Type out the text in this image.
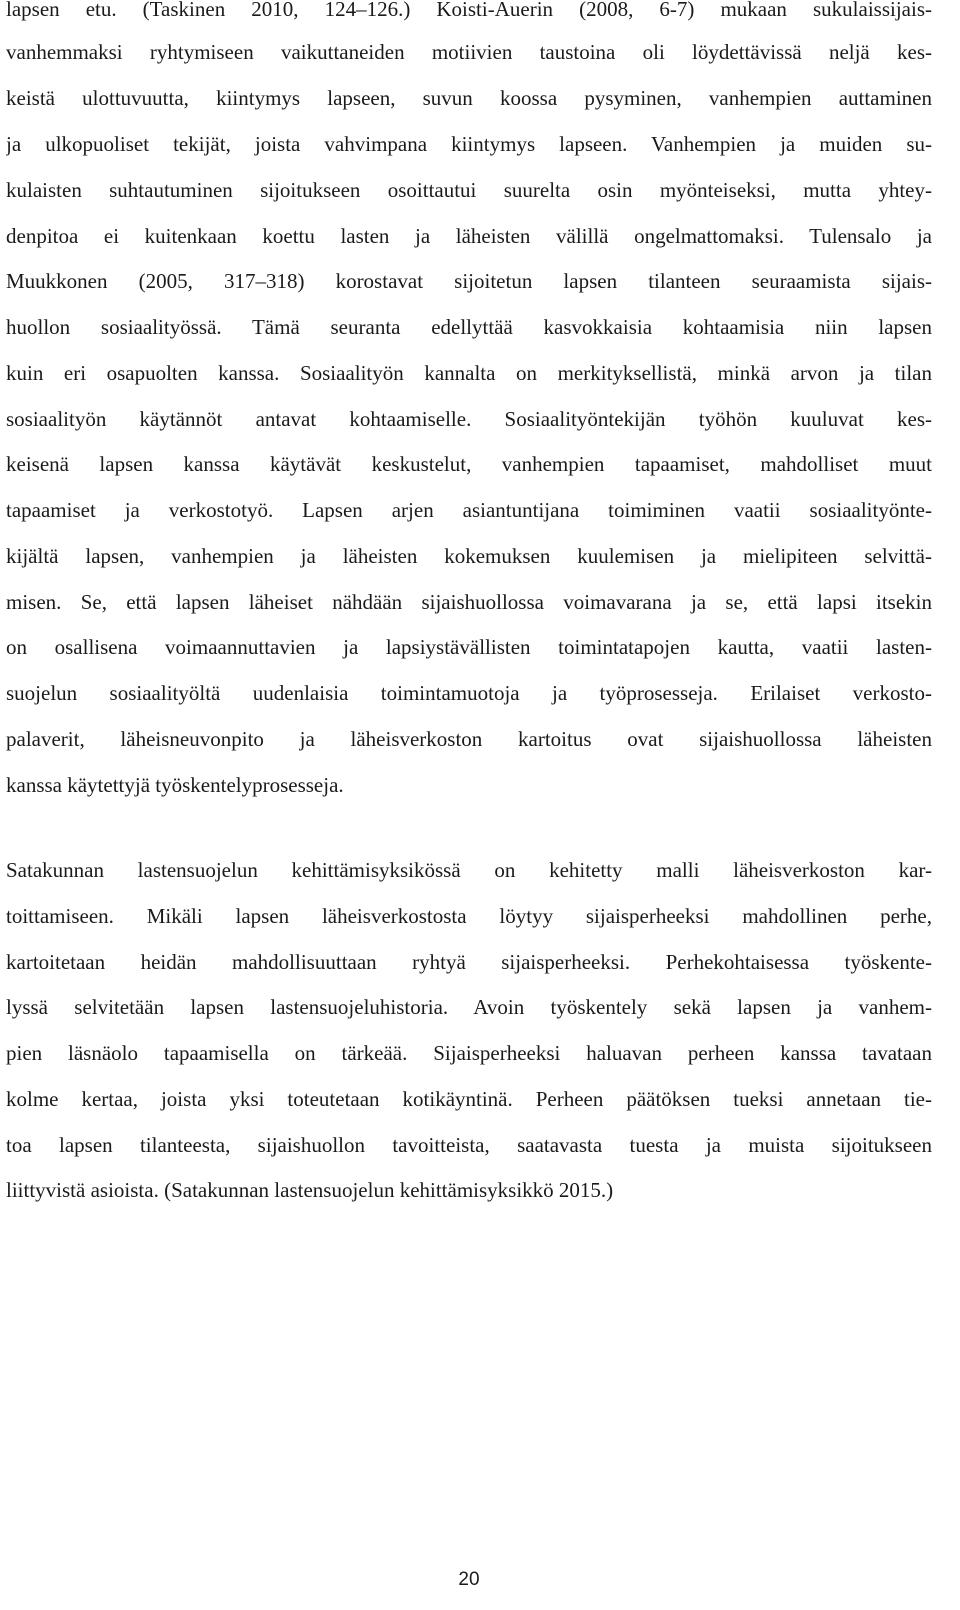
lapsen etu. (Taskinen 2010, 124–126.) Koisti-Auerin (2008, 6-7) mukaan sukulaissijais-
vanhemmaksi ryhtymiseen vaikuttaneiden motiivien taustoina oli löydettävissä neljä kes-
keistä ulottuvuutta, kiintymys lapseen, suvun koossa pysyminen, vanhempien auttaminen
ja ulkopuoliset tekijät, joista vahvimpana kiintymys lapseen. Vanhempien ja muiden su-
kulaisten suhtautuminen sijoitukseen osoittautui suurelta osin myönteiseksi, mutta yhtey-
denpitoa ei kuitenkaan koettu lasten ja läheisten välillä ongelmattomaksi. Tulensalo ja
Muukkonen (2005, 317–318) korostavat sijoitetun lapsen tilanteen seuraamista sijais-
huollon sosiaalityössä. Tämä seuranta edellyttää kasvokkaisia kohtaamisia niin lapsen
kuin eri osapuolten kanssa. Sosiaalityön kannalta on merkityksellistä, minkä arvon ja tilan
sosiaalityön käytännöt antavat kohtaamiselle. Sosiaalityöntekijän työhön kuuluvat kes-
keisenä lapsen kanssa käytävät keskustelut, vanhempien tapaamiset, mahdolliset muut
tapaamiset ja verkostotyö. Lapsen arjen asiantuntijana toimiminen vaatii sosiaalityönte-
kijältä lapsen, vanhempien ja läheisten kokemuksen kuulemisen ja mielipiteen selvittä-
misen. Se, että lapsen läheiset nähdään sijaishuollossa voimavarana ja se, että lapsi itsekin
on osallisena voimaannuttavien ja lapsiystävällisten toimintatapojen kautta, vaatii lasten-
suojelun sosiaalityöltä uudenlaisia toimintamuotoja ja työprosesseja. Erilaiset verkosto-
palaverit, läheisneuvonpito ja läheisverkoston kartoitus ovat sijaishuollossa läheisten
kanssa käytettyjä työskentelyprosesseja.
Satakunnan lastensuojelun kehittämisyksikössä on kehitetty malli läheisverkoston kar-
toittamiseen. Mikäli lapsen läheisverkostosta löytyy sijaisperheeksi mahdollinen perhe,
kartoitetaan heidän mahdollisuuttaan ryhtyä sijaisperheeksi. Perhekohtaisessa työskente-
lyssä selvitetään lapsen lastensuojeluhistoria. Avoin työskentely sekä lapsen ja vanhem-
pien läsnäolo tapaamisella on tärkeää. Sijaisperheeksi haluavan perheen kanssa tavataan
kolme kertaa, joista yksi toteutetaan kotikäyntinä. Perheen päätöksen tueksi annetaan tie-
toa lapsen tilanteesta, sijaishuollon tavoitteista, saatavasta tuesta ja muista sijoitukseen
liittyvistä asioista. (Satakunnan lastensuojelun kehittämisyksikkö 2015.)
20
